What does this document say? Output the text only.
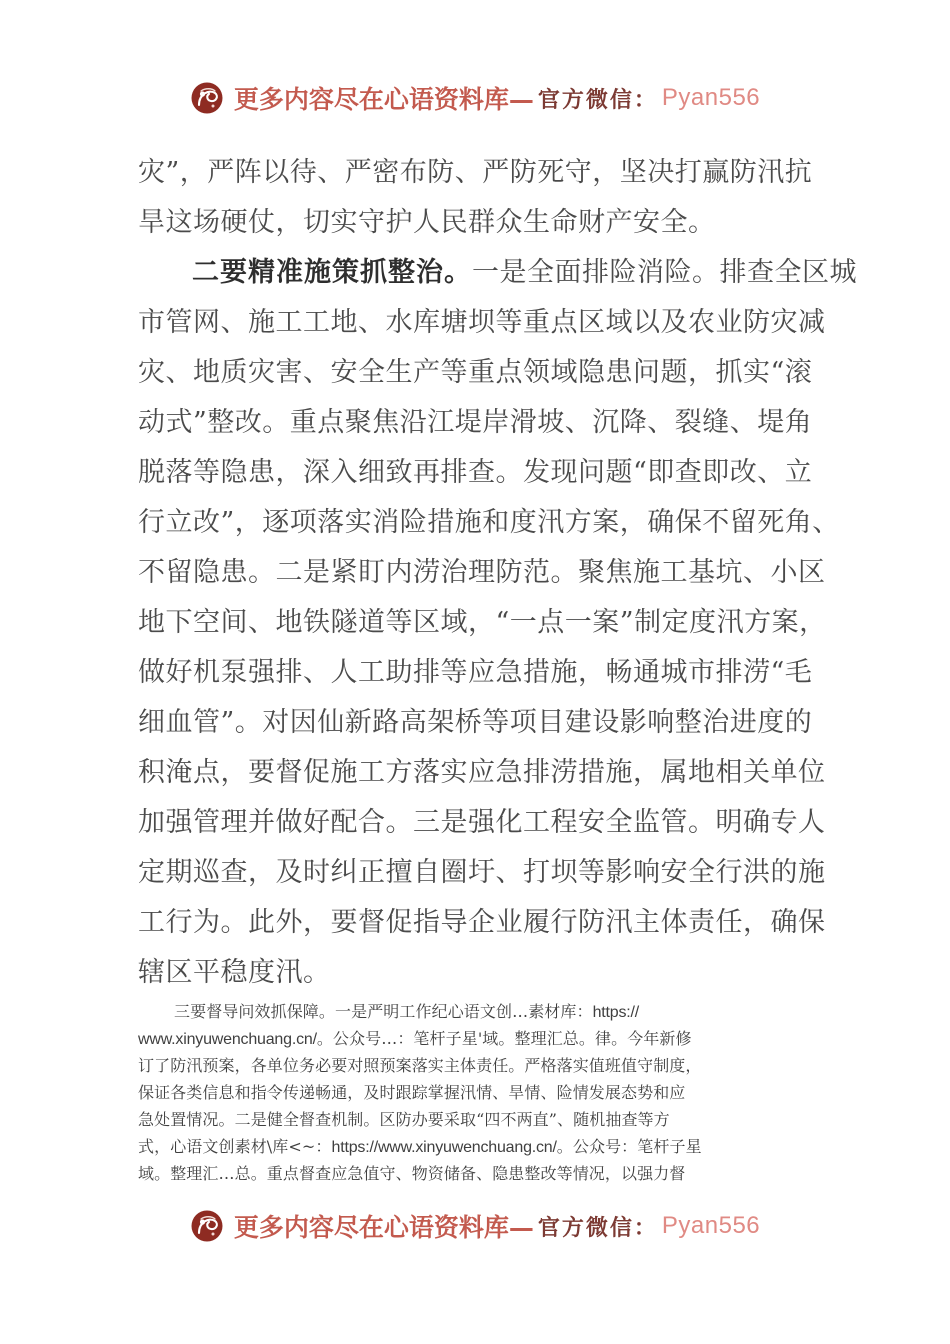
更多内容尽在心语资料库— 官方微信： Pyan556
灾”，严阵以待、严密布防、严防死守，坚决打赢防汛抗
旱这场硬仗，切实守护人民群众生命财产安全。
二要精准施策抓整治。一是全面排险消险。排查全区城
市管网、施工工地、水库塘坝等重点区域以及农业防灾减
灾、地质灾害、安全生产等重点领域隐患问题，抓实“滚
动式”整改。重点聚焦沿江堤岸滑坡、沉降、裂缝、堤角
脱落等隐患，深入细致再排查。发现问题“即查即改、立
行立改”，逐项落实消险措施和度汛方案，确保不留死角、
不留隐患。二是紧盯内涝治理防范。聚焦施工基坑、小区
地下空间、地铁隧道等区域，“一点一案”制定度汛方案，
做好机泵强排、人工助排等应急措施，畅通城市排涝“毛
细血管”。对因仙新路高架桥等项目建设影响整治进度的
积淹点，要督促施工方落实应急排涝措施，属地相关单位
加强管理并做好配合。三是强化工程安全监管。明确专人
定期巡查，及时纠正擅自圈圩、打坝等影响安全行洪的施
工行为。此外，要督促指导企业履行防汛主体责任，确保
辖区平稳度汛。
三要督导问效抓保障。一是严明工作纪心语文创…素材库：https://
www.xinyuwenchuang.cn/。公众号…：笔杆子星'域。整理汇总。律。今年新修
订了防汛预案，各单位务必要对照预案落实主体责任。严格落实值班值守制度，
保证各类信息和指令传递畅通，及时跟踪掌握汛情、旱情、险情发展态势和应
急处置情况。二是健全督查机制。区防办要采取“四不两直”、随机抽查等方
式，心语文创素材\库<~：https://www.xinyuwenchuang.cn/。公众号：笔杆子星
域。整理汇…总。重点督查应急值守、物资储备、隐患整改等情况，以强力督
更多内容尽在心语资料库— 官方微信： Pyan556
